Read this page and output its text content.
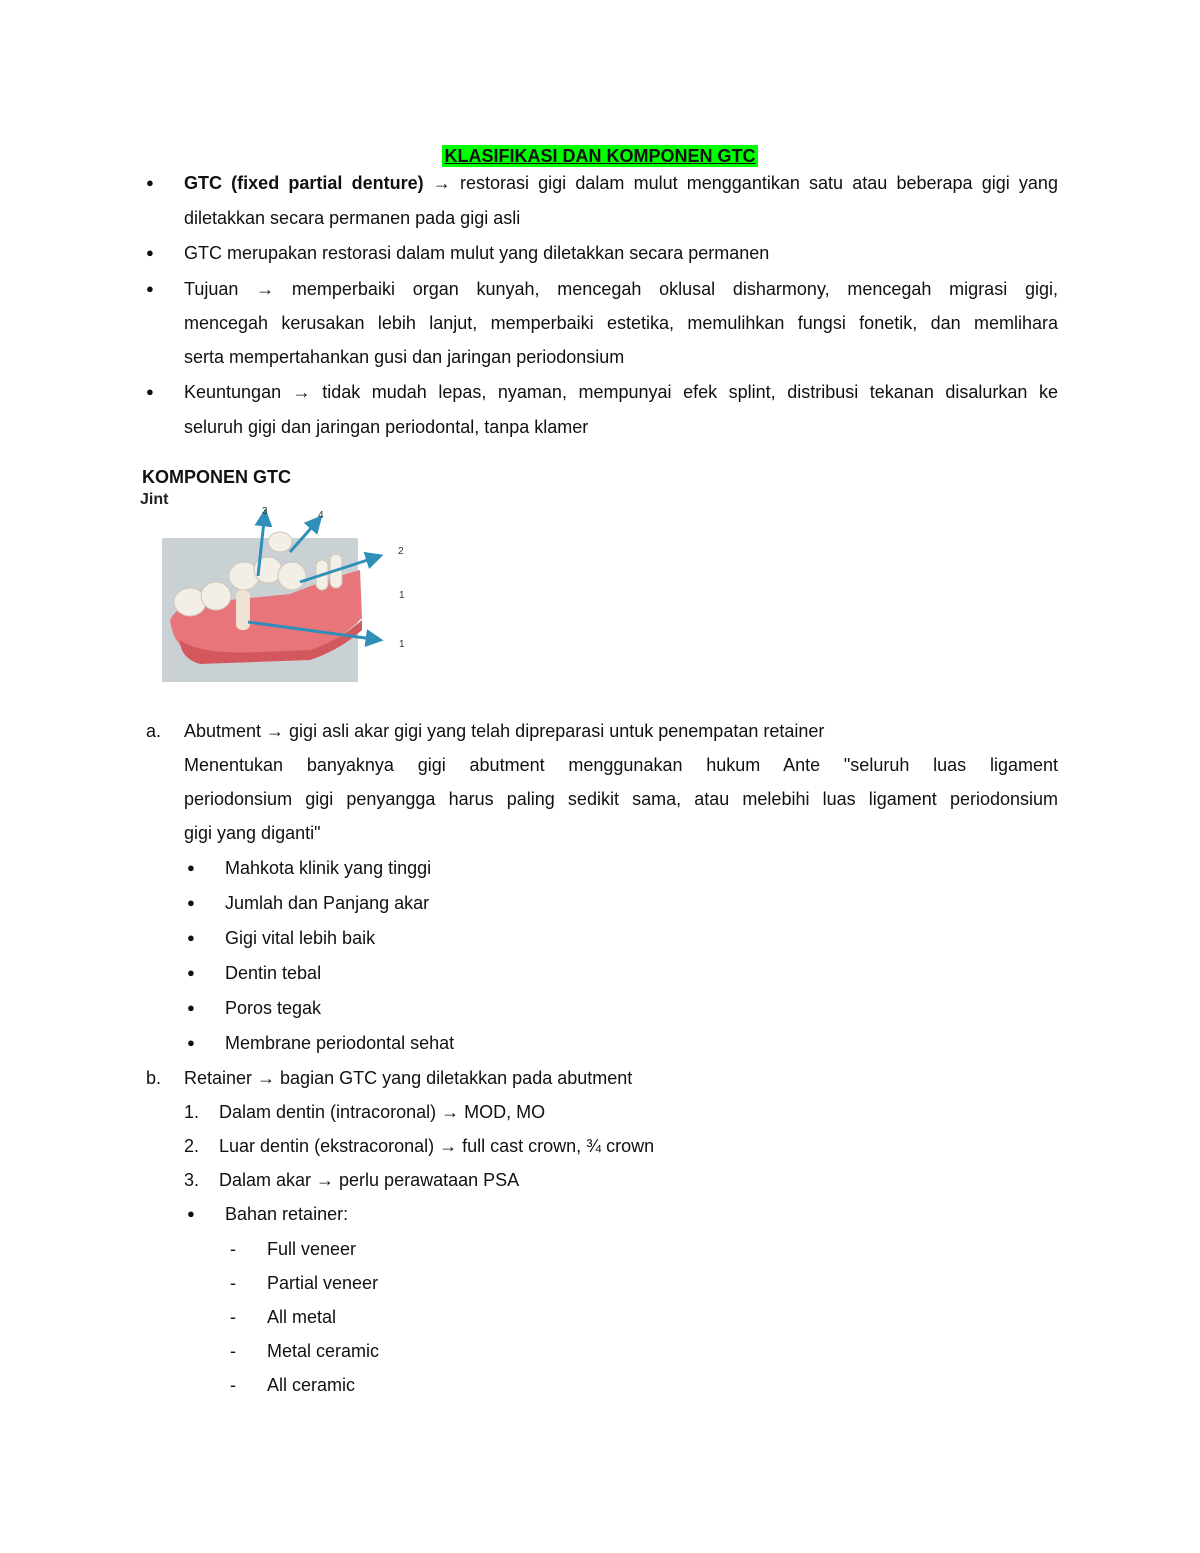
KLASIFIKASI DAN KOMPONEN GTC
● GTC (fixed partial denture) → restorasi gigi dalam mulut menggantikan satu atau beberapa gigi yang
diletakkan secara permanen pada gigi asli
● GTC merupakan restorasi dalam mulut yang diletakkan secara permanen
● Tujuan → memperbaiki organ kunyah, mencegah oklusal disharmony, mencegah migrasi gigi,
mencegah kerusakan lebih lanjut, memperbaiki estetika, memulihkan fungsi fonetik, dan memlihara
serta mempertahankan gusi dan jaringan periodonsium
● Keuntungan → tidak mudah lepas, nyaman, mempunyai efek splint, distribusi tekanan disalurkan ke
seluruh gigi dan jaringan periodontal, tanpa klamer
KOMPONEN GTC
Jint
3	4
2
1
1
a. Abutment → gigi asli akar gigi yang telah dipreparasi untuk penempatan retainer
Menentukan banyaknya gigi abutment menggunakan hukum Ante "seluruh luas ligament
periodonsium gigi penyangga harus paling sedikit sama, atau melebihi luas ligament periodonsium
gigi yang diganti"
● Mahkota klinik yang tinggi
● Jumlah dan Panjang akar
● Gigi vital lebih baik
● Dentin tebal
● Poros tegak
● Membrane periodontal sehat
b. Retainer → bagian GTC yang diletakkan pada abutment
1. Dalam dentin (intracoronal) → MOD, MO
2. Luar dentin (ekstracoronal) → full cast crown, ¾ crown
3. Dalam akar → perlu perawataan PSA
● Bahan retainer:
- Full veneer
- Partial veneer
- All metal
- Metal ceramic
- All ceramic
